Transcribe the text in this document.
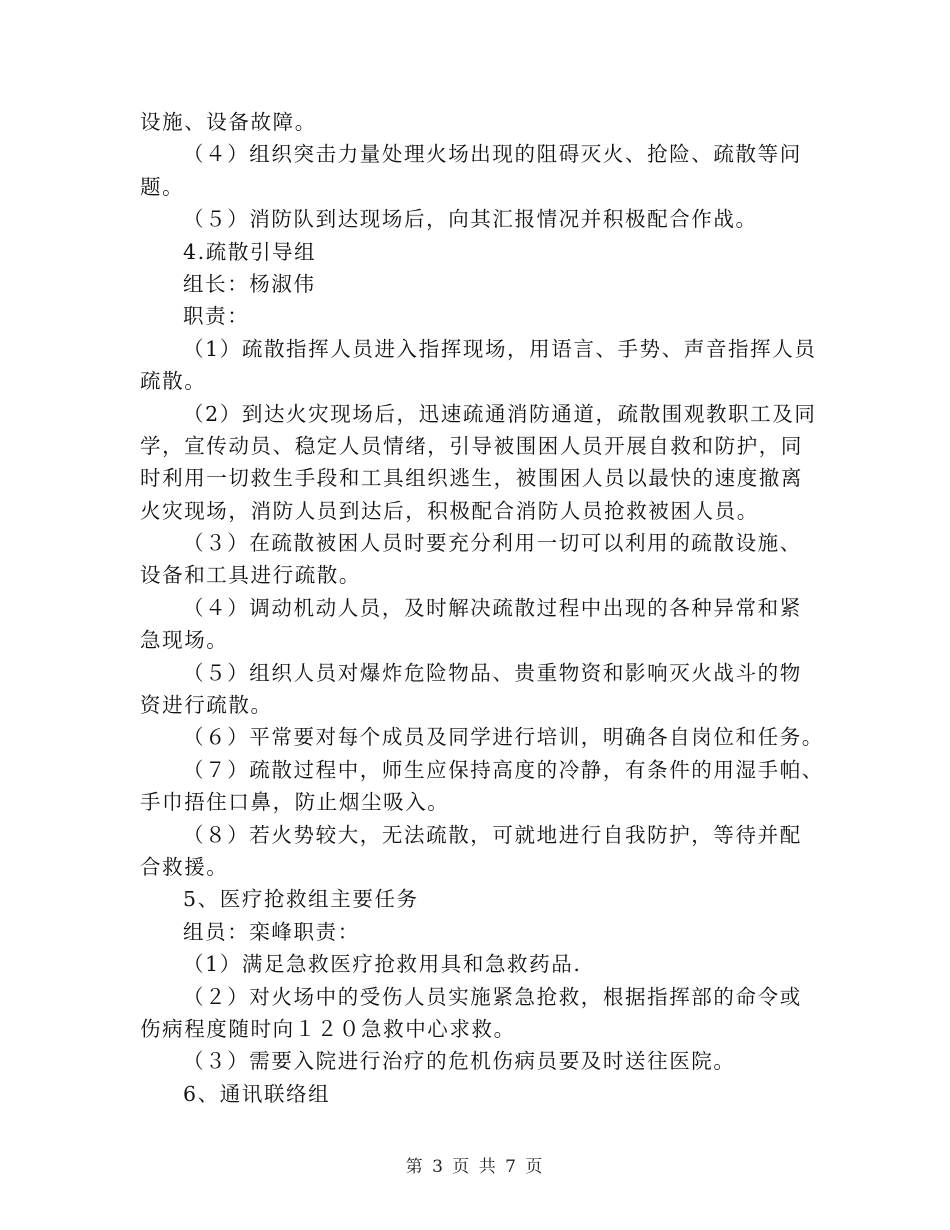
设施、设备故障。
（４）组织突击力量处理火场出现的阻碍灭火、抢险、疏散等问
题。
（５）消防队到达现场后，向其汇报情况并积极配合作战。
4.疏散引导组
组长：杨淑伟
职责：
（1）疏散指挥人员进入指挥现场，用语言、手势、声音指挥人员
疏散。
（2）到达火灾现场后，迅速疏通消防通道，疏散围观教职工及同
学，宣传动员、稳定人员情绪，引导被围困人员开展自救和防护，同
时利用一切救生手段和工具组织逃生，被围困人员以最快的速度撤离
火灾现场，消防人员到达后，积极配合消防人员抢救被困人员。
（３）在疏散被困人员时要充分利用一切可以利用的疏散设施、
设备和工具进行疏散。
（４）调动机动人员，及时解决疏散过程中出现的各种异常和紧
急现场。
（５）组织人员对爆炸危险物品、贵重物资和影响灭火战斗的物
资进行疏散。
（６）平常要对每个成员及同学进行培训，明确各自岗位和任务。
（７）疏散过程中，师生应保持高度的冷静，有条件的用湿手帕、
手巾捂住口鼻，防止烟尘吸入。
（８）若火势较大，无法疏散，可就地进行自我防护，等待并配
合救援。
5、医疗抢救组主要任务
组员：栾峰职责：
（1）满足急救医疗抢救用具和急救药品.
（２）对火场中的受伤人员实施紧急抢救，根据指挥部的命令或
伤病程度随时向１２０急救中心求救。
（３）需要入院进行治疗的危机伤病员要及时送往医院。
6、通讯联络组
第 3 页 共 7 页
